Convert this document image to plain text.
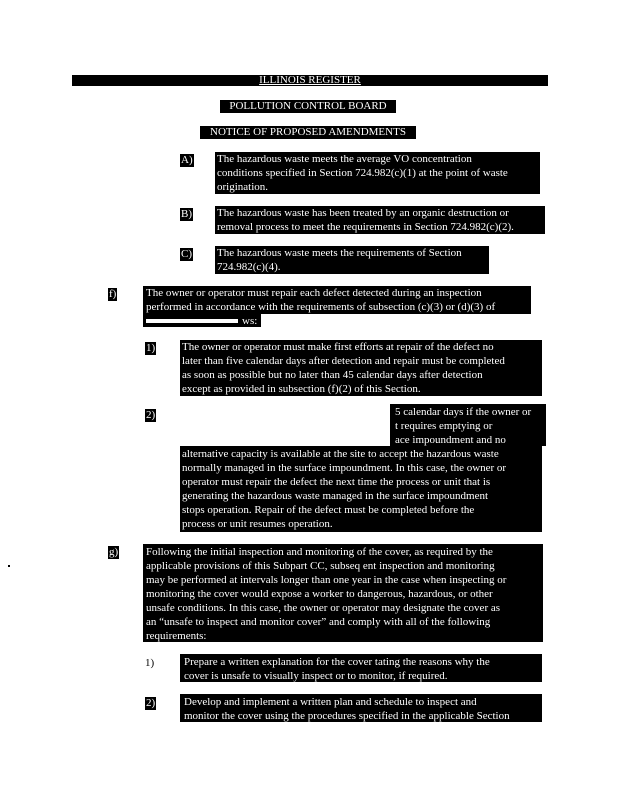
ILLINOIS REGISTER
POLLUTION CONTROL BOARD
NOTICE OF PROPOSED AMENDMENTS
A) The hazardous waste meets the average VO concentration
conditions specified in Section 724.982(c)(1) at the point of waste
origination.
B) The hazardous waste has been treated by an organic destruction or
removal process to meet the requirements in Section 724.982(c)(2).
C) The hazardous waste meets the requirements of Section
724.982(c)(4).
f)	The owner or operator must repair each defect detected during an inspection
performed in accordance with the requirements of subsection (c)(3) or (d)(3) of
ws:
1) The owner or operator must make first efforts at repair of the defect no
later than five calendar days after detection and repair must be completed
as soon as possible but no later than 45 calendar days after detection
except as provided in subsection (f)(2) of this Section.
2)	5 calendar days if the owner or
t requires emptying or
ace impoundment and no
alternative capacity is available at the site to accept the hazardous waste
normally managed in the surface impoundment. In this case, the owner or
operator must repair the defect the next time the process or unit that is
generating the hazardous waste managed in the surface impoundment
stops operation. Repair of the defect must be completed before the
process or unit resumes operation.
g)	Following the initial inspection and monitoring of the cover, as required by the
applicable provisions of this Subpart CC, subseq ent inspection and monitoring
may be performed at intervals longer than one year in the case when inspecting or
monitoring the cover would expose a worker to dangerous, hazardous, or other
unsafe conditions. In this case, the owner or operator may designate the cover as
an “unsafe to inspect and monitor cover” and comply with all of the following
requirements:
1)	Prepare a written explanation for the cover tating the reasons why the
cover is unsafe to visually inspect or to monitor, if required.
2)	Develop and implement a written plan and schedule to inspect and
monitor the cover using the procedures specified in the applicable Section
